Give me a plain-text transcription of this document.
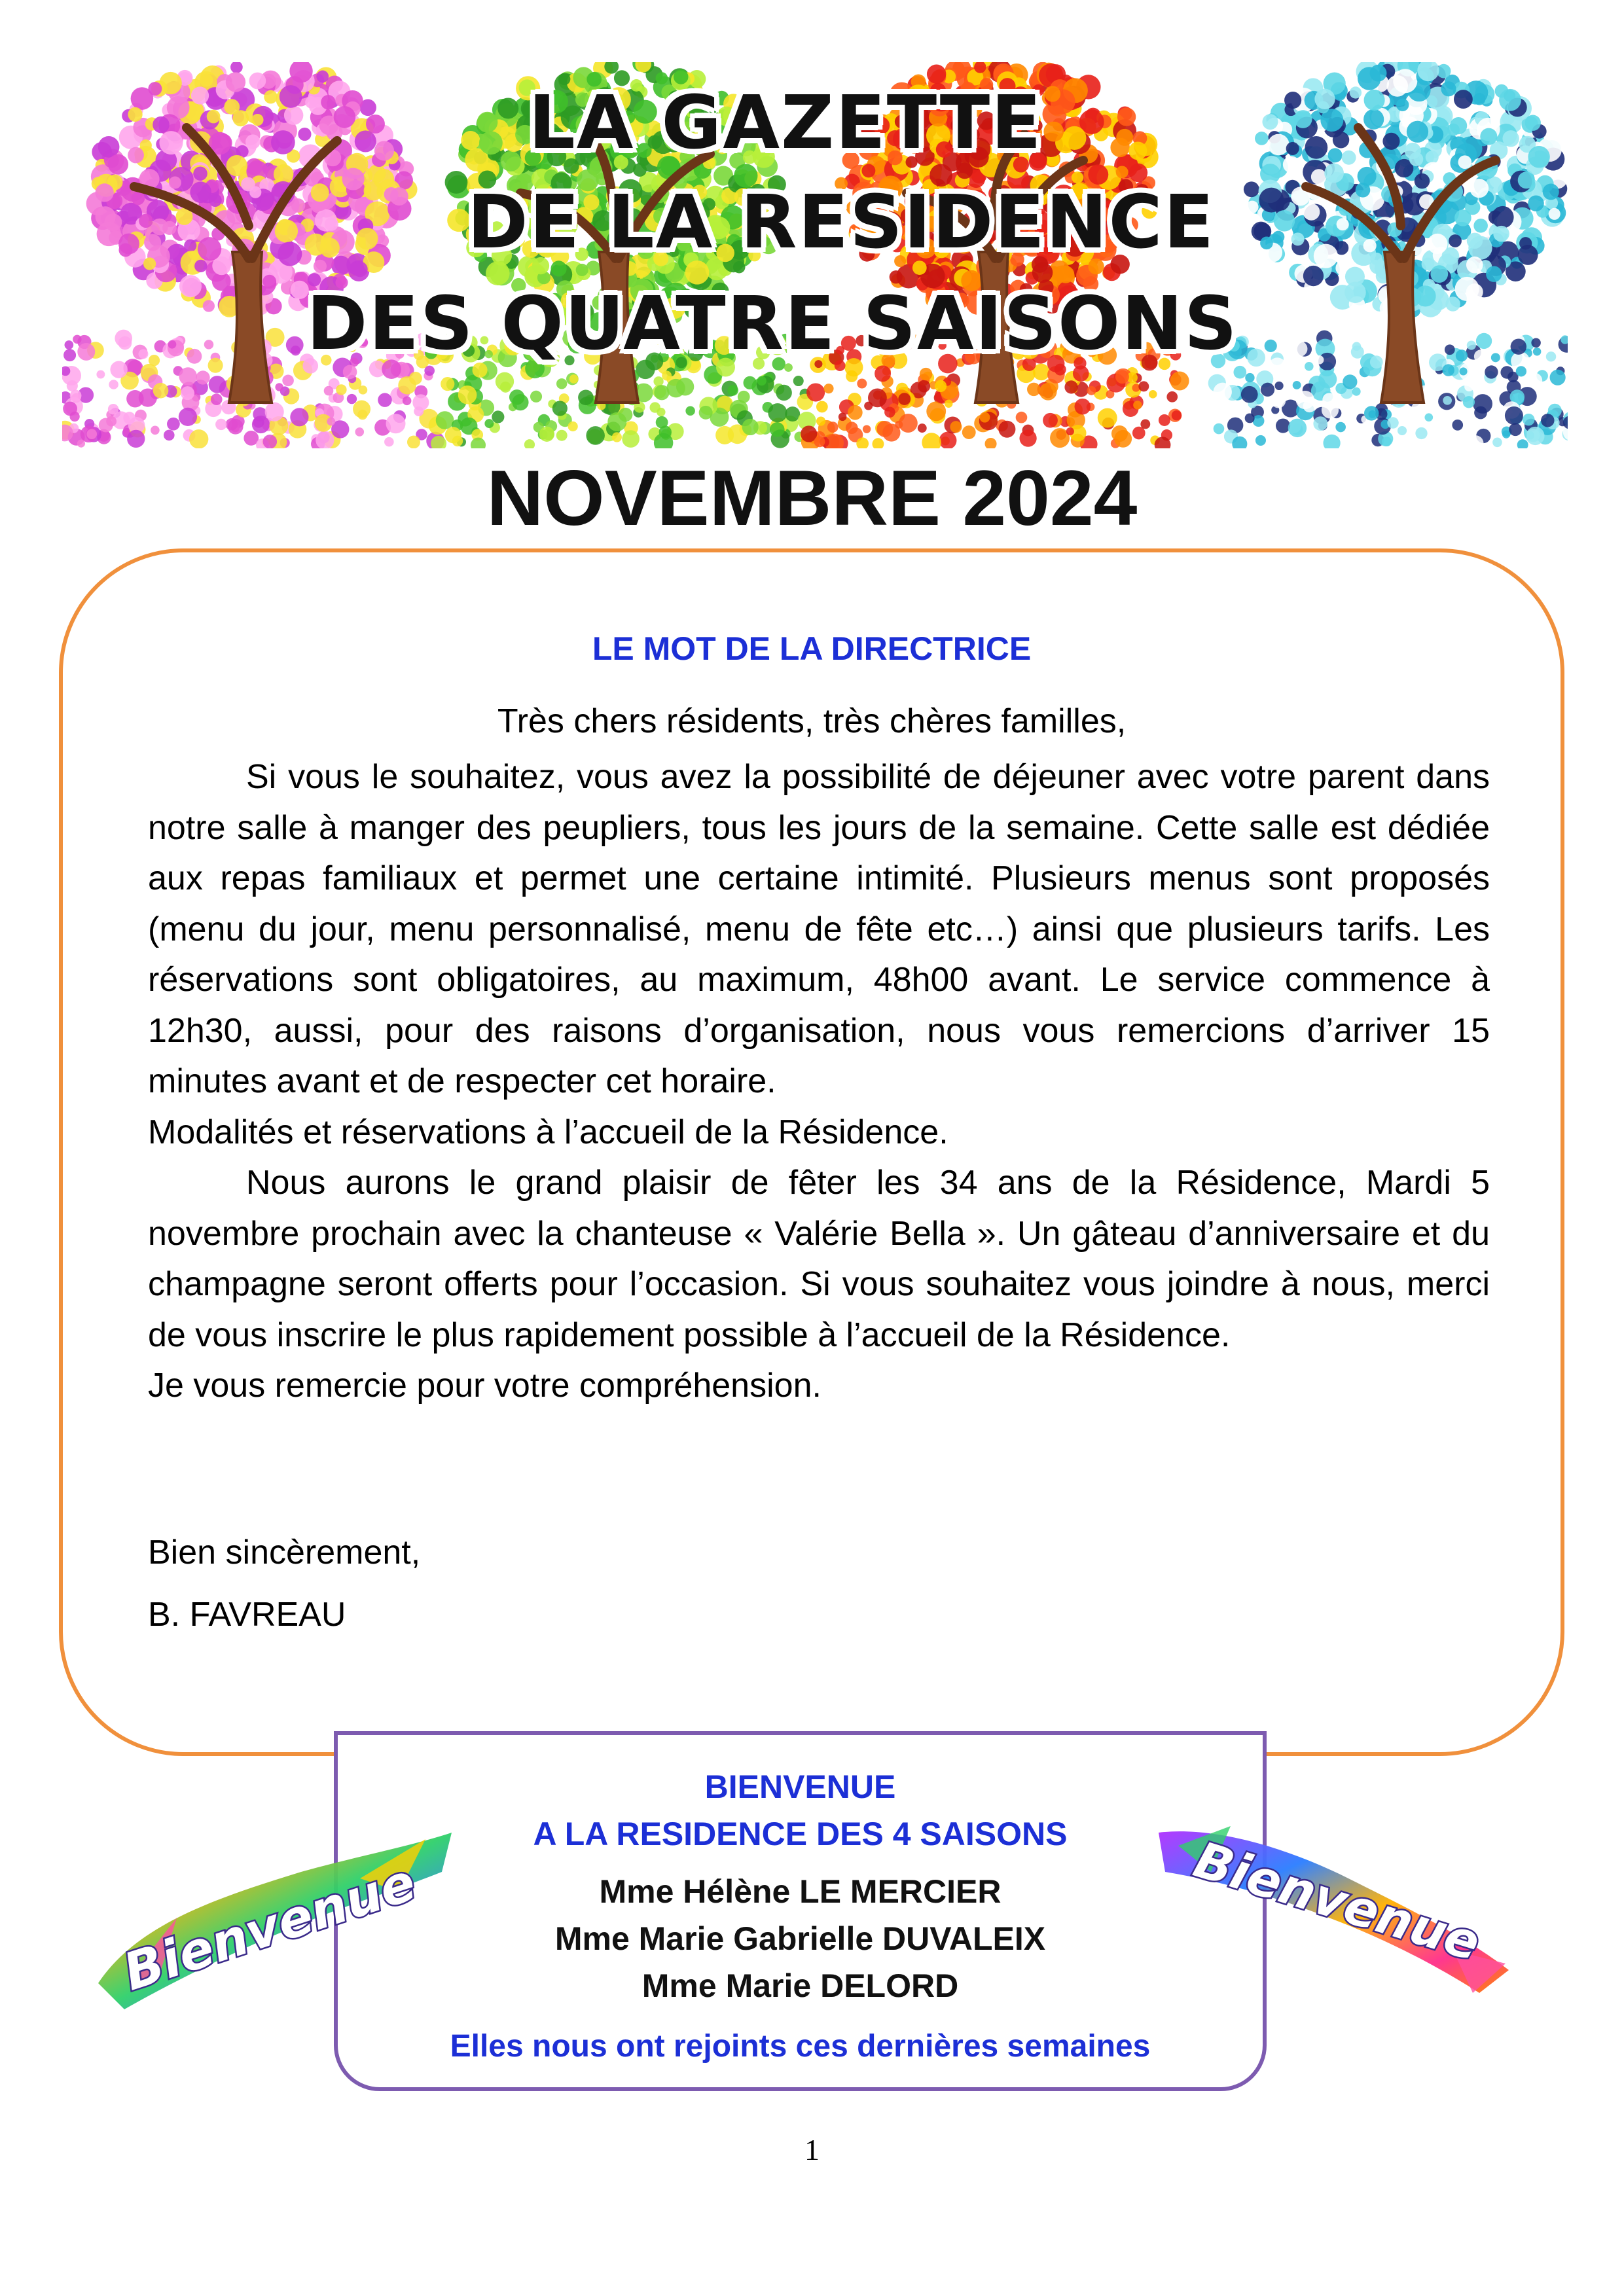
LA GAZETTE
DE LA RESIDENCE
DES QUATRE SAISONS
NOVEMBRE 2024
LE MOT DE LA DIRECTRICE
Très chers résidents, très chères familles,

Si vous le souhaitez, vous avez la possibilité de déjeuner avec votre parent dans notre salle à manger des peupliers, tous les jours de la semaine. Cette salle est dédiée aux repas familiaux et permet une certaine intimité. Plusieurs menus sont proposés (menu du jour, menu personnalisé, menu de fête etc…) ainsi que plusieurs tarifs. Les réservations sont obligatoires, au maximum, 48h00 avant. Le service commence à 12h30, aussi, pour des raisons d’organisation, nous vous remercions d’arriver 15 minutes avant et de respecter cet horaire.

Modalités et réservations à l’accueil de la Résidence.

Nous aurons le grand plaisir de fêter les 34 ans de la Résidence, Mardi 5 novembre prochain avec la chanteuse « Valérie Bella ». Un gâteau d’anniversaire et du champagne seront offerts pour l’occasion. Si vous souhaitez vous joindre à nous, merci de vous inscrire le plus rapidement possible à l’accueil de la Résidence.

Je vous remercie pour votre compréhension.

Bien sincèrement,
B. FAVREAU
BIENVENUE
A LA RESIDENCE DES 4 SAISONS
Mme Hélène LE MERCIER
Mme Marie Gabrielle DUVALEIX
Mme Marie DELORD
Elles nous ont rejoints ces dernières semaines
Bienvenue	Bienvenue
1
